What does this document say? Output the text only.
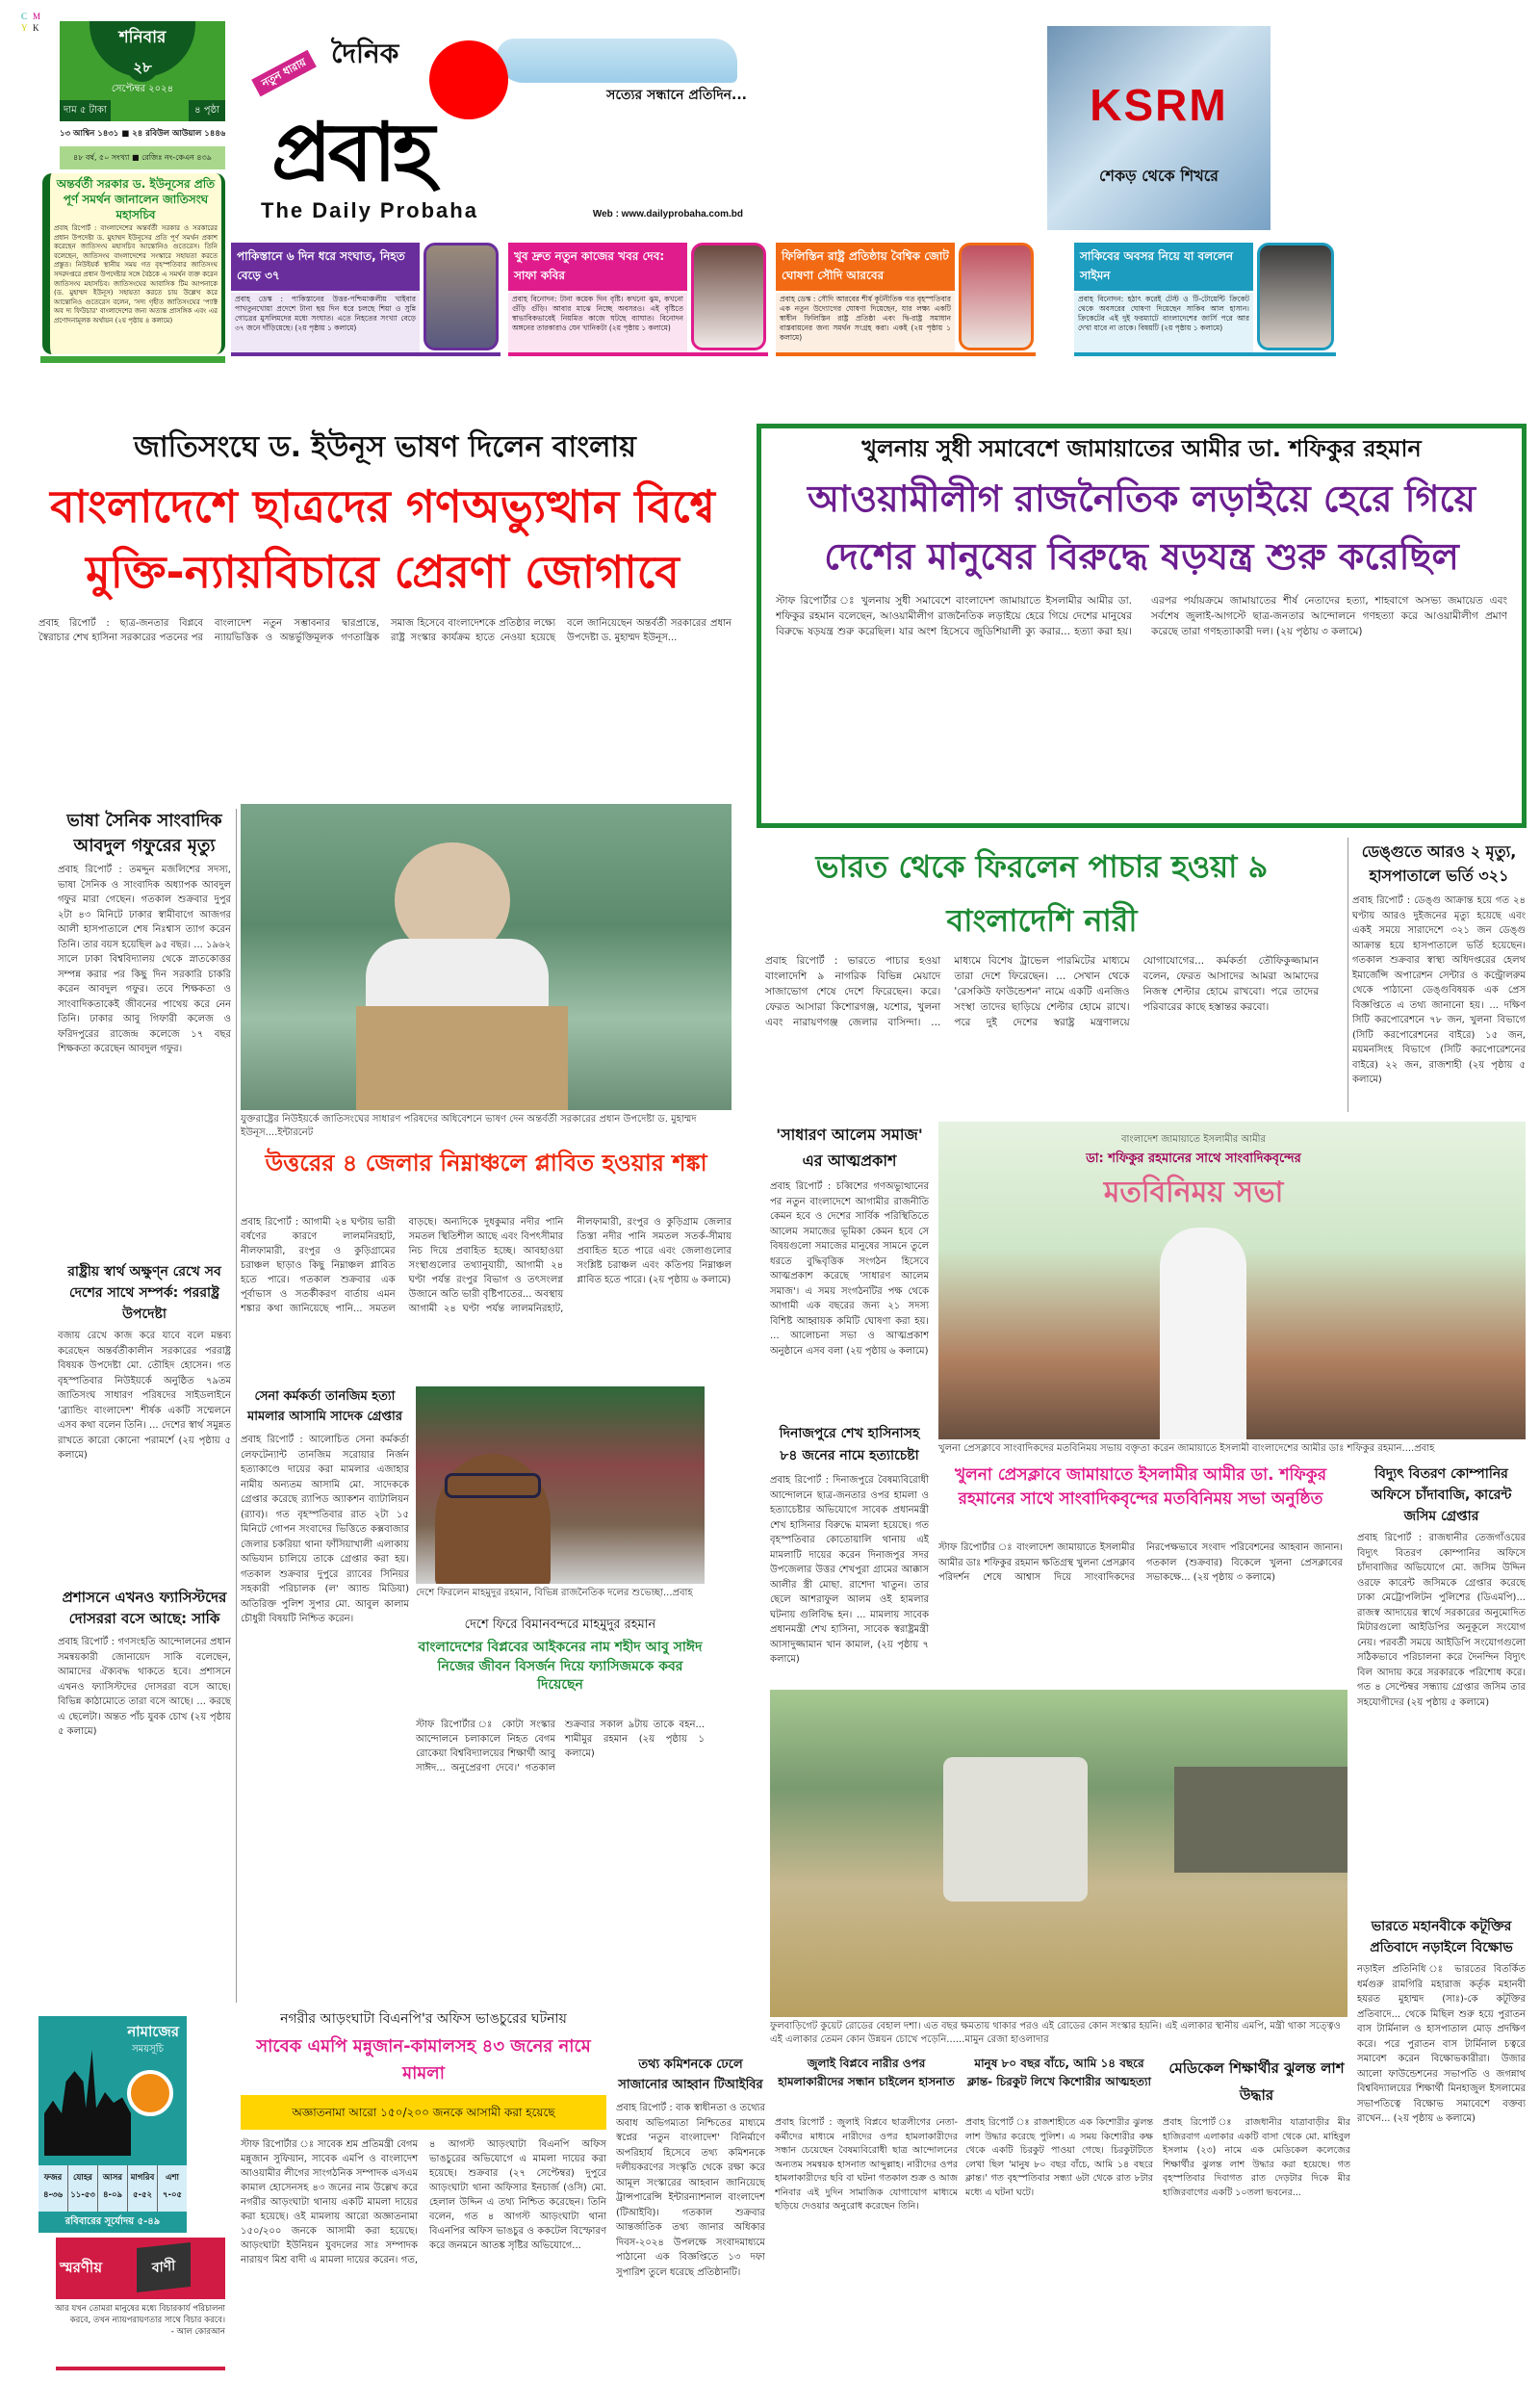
C M
Y K	শনিবার
২৮
সেপ্টেম্বর ২০২৪
দাম ৫ টাকা	৪ পৃষ্ঠা
১৩ আশ্বিন ১৪৩১ ■ ২৪ রবিউল আউয়াল ১৪৪৬
৪৮ বর্ষ, ৫০ সংখ্যা ■ রেজিঃ নং-কেএন ৪৩৯
অন্তর্বর্তী সরকার ড. ইউনূসের প্রতি পূর্ণ সমর্থন জানালেন জাতিসংঘ মহাসচিব
প্রবাহ রিপোর্ট : বাংলাদেশের অন্তর্বর্তী সরকার ও সরকারের প্রধান উপদেষ্টা ড. মুহাম্মদ ইউনূসের প্রতি পূর্ণ সমর্থন প্রকাশ করেছেন জাতিসংঘ মহাসচিব আন্তোনিও গুতেরেস। তিনি বলেছেন, জাতিসংঘ বাংলাদেশের সংস্কারে সহায়তা করতে প্রস্তুত। নিউইয়র্ক স্থানীয় সময় গত বৃহস্পতিবার জাতিসংঘ সদরদপ্তরে প্রধান উপদেষ্টার সঙ্গে বৈঠকে এ সমর্থন ব্যক্ত করেন জাতিসংঘ মহাসচিব। জাতিসংঘের আবাসিক টিম আপনাকে (ড. মুহাম্মদ ইউনূস) সহায়তা করতে চায় উল্লেখ করে আন্তোনিও গুতেরেস বলেন, 'সদ্য গৃহীত জাতিসংঘের 'প্যাক্ট অব দ্য ফিউচার' বাংলাদেশের জন্য অত্যন্ত প্রাসঙ্গিক এবং এর প্রণোদনামূলক অর্থায়ন (২য় পৃষ্ঠায় ৪ কলামে)
নতুন ধারায়
দৈনিক
সত্যের সন্ধানে প্রতিদিন...
প্রবাহ
The Daily Probaha	Web : www.dailyprobaha.com.bd
KSRM
শেকড় থেকে শিখরে
পাকিস্তানে ৬ দিন ধরে সংঘাত, নিহত বেড়ে ৩৭
প্রবাহ ডেস্ক : পাকিস্তানের উত্তর-পশ্চিমাঞ্চলীয় খাইবার পাখতুনখোয়া প্রদেশে টানা ছয় দিন ধরে চলছে শিয়া ও সুন্নি গোত্রের মুসলিমদের মধ্যে সংঘাত। এতে নিহতের সংখ্যা বেড়ে ৩৭ জনে দাঁড়িয়েছে। (২য় পৃষ্ঠায় ১ কলামে)
খুব দ্রুত নতুন কাজের খবর দেব: সাফা কবির
প্রবাহ বিনোদন: টানা কয়েক দিন বৃষ্টি। কখনো ঝুম, কখনো গুঁড়ি গুঁড়ি। আবার মাঝে নিচ্ছে অবসরও। এই বৃষ্টিতে স্বাভাবিকভাবেই নিয়মিত কাজে ঘটছে ব্যাঘাত। বিনোদন অঙ্গনের তারকারাও যেন খানিকটা (২য় পৃষ্ঠায় ১ কলামে)
ফিলিস্তিন রাষ্ট্র প্রতিষ্ঠায় বৈশ্বিক জোট ঘোষণা সৌদি আরবের
প্রবাহ ডেস্ক : সৌদি আরবের শীর্ষ কূটনীতিক গত বৃহস্পতিবার এক নতুন উদ্যোগের ঘোষণা দিয়েছেন, যার লক্ষ্য একটি স্বাধীন ফিলিস্তিন রাষ্ট্র প্রতিষ্ঠা এবং দ্বি-রাষ্ট্র সমাধান বাস্তবায়নের জন্য সমর্থন সংগ্রহ করা। একই (২য় পৃষ্ঠায় ১ কলামে)
সাকিবের অবসর নিয়ে যা বললেন সাইমন
প্রবাহ বিনোদন: হঠাৎ করেই টেস্ট ও টি-টোয়েন্টি ক্রিকেট থেকে অবসরের ঘোষণা দিয়েছেন সাকিব আল হাসান। ক্রিকেটের এই দুই ফরম্যাটে বাংলাদেশের জার্সি পরে আর দেখা যাবে না তাকে। বিষয়টি (২য় পৃষ্ঠায় ১ কলামে)
জাতিসংঘে ড. ইউনূস ভাষণ দিলেন বাংলায়
বাংলাদেশে ছাত্রদের গণঅভ্যুত্থান বিশ্বে মুক্তি-ন্যায়বিচারে প্রেরণা জোগাবে
প্রবাহ রিপোর্ট : ছাত্র-জনতার বিপ্লবে স্বৈরাচার শেখ হাসিনা সরকারের পতনের পর বাংলাদেশ নতুন সম্ভাবনার দ্বারপ্রান্তে, ন্যায়ভিত্তিক ও অন্তর্ভুক্তিমূলক গণতান্ত্রিক সমাজ হিসেবে বাংলাদেশকে প্রতিষ্ঠার লক্ষ্যে রাষ্ট্র সংস্কার কার্যক্রম হাতে নেওয়া হয়েছে বলে জানিয়েছেন অন্তর্বর্তী সরকারের প্রধান উপদেষ্টা ড. মুহাম্মদ ইউনূস...
যুক্তরাষ্ট্রের নিউইয়র্কে জাতিসংঘের সাধারণ পরিষদের অধিবেশনে ভাষণ দেন অন্তর্বর্তী সরকারের প্রধান উপদেষ্টা ড. মুহাম্মদ ইউনূস....ইন্টারনেট
ভাষা সৈনিক সাংবাদিক আবদুল গফুরের মৃত্যু
প্রবাহ রিপোর্ট : তমদ্দুন মজলিশের সদস্য, ভাষা সৈনিক ও সাংবাদিক অধ্যাপক আবদুল গফুর মারা গেছেন। গতকাল শুক্রবার দুপুর ২টা ৪৩ মিনিটে ঢাকার স্বামীবাগে আজগর আলী হাসপাতালে শেষ নিঃশ্বাস ত্যাগ করেন তিনি। তার বয়স হয়েছিল ৯৫ বছর। ... ১৯৬২ সালে ঢাকা বিশ্ববিদ্যালয় থেকে স্নাতকোত্তর সম্পন্ন করার পর কিছু দিন সরকারি চাকরি করেন আবদুল গফুর। তবে শিক্ষকতা ও সাংবাদিকতাকেই জীবনের পাথেয় করে নেন তিনি। ঢাকার আবু গিফারী কলেজ ও ফরিদপুরের রাজেন্দ্র কলেজে ১৭ বছর শিক্ষকতা করেছেন আবদুল গফুর।
রাষ্ট্রীয় স্বার্থ অক্ষুণ্ন রেখে সব দেশের সাথে সম্পর্ক: পররাষ্ট্র উপদেষ্টা
বজায় রেখে কাজ করে যাবে বলে মন্তব্য করেছেন অন্তর্বর্তীকালীন সরকারের পররাষ্ট্র বিষয়ক উপদেষ্টা মো. তৌহিদ হোসেন। গত বৃহস্পতিবার নিউইয়র্কে অনুষ্ঠিত ৭৯তম জাতিসংঘ সাধারণ পরিষদের সাইডলাইনে 'ব্র্যান্ডিং বাংলাদেশ' শীর্ষক একটি সম্মেলনে এসব কথা বলেন তিনি। ... দেশের স্বার্থ সমুন্নত রাখতে কারো কোনো পরামর্শে (২য় পৃষ্ঠায় ৫ কলামে)
প্রশাসনে এখনও ফ্যাসিস্টদের দোসররা বসে আছে: সাকি
প্রবাহ রিপোর্ট : গণসংহতি আন্দোলনের প্রধান সমন্বয়কারী জোনায়েদ সাকি বলেছেন, আমাদের ঐক্যবদ্ধ থাকতে হবে। প্রশাসনে এখনও ফ্যাসিস্টদের দোসররা বসে আছে। বিভিন্ন কাঠামোতে তারা বসে আছে। ... করছে এ ছেলেটা। অন্তত পাঁচ যুবক চোখ (২য় পৃষ্ঠায় ৫ কলামে)
উত্তরের ৪ জেলার নিম্নাঞ্চলে প্লাবিত হওয়ার শঙ্কা
প্রবাহ রিপোর্ট : আগামী ২৪ ঘণ্টায় ভারী বর্ষণের কারণে লালমনিরহাট, নীলফামারী, রংপুর ও কুড়িগ্রামের চরাঞ্চল ছাড়াও কিছু নিম্নাঞ্চল প্লাবিত হতে পারে। গতকাল শুক্রবার এক পূর্বাভাস ও সতর্কীকরণ বার্তায় এমন শঙ্কার কথা জানিয়েছে পানি... সমতল বাড়ছে। অন্যদিকে দুধকুমার নদীর পানি সমতল স্থিতিশীল আছে এবং বিপৎসীমার নিচ দিয়ে প্রবাহিত হচ্ছে। আবহাওয়া সংস্থাগুলোর তথ্যানুযায়ী, আগামী ২৪ ঘণ্টা পর্যন্ত রংপুর বিভাগ ও তৎসংলগ্ন উজানে অতি ভারী বৃষ্টিপাতের... অবস্থায় আগামী ২৪ ঘণ্টা পর্যন্ত লালমনিরহাট, নীলফামারী, রংপুর ও কুড়িগ্রাম জেলার তিস্তা নদীর পানি সমতল সতর্ক-সীমায় প্রবাহিত হতে পারে এবং জেলাগুলোর সংশ্লিষ্ট চরাঞ্চল এবং কতিপয় নিম্নাঞ্চল প্লাবিত হতে পারে। (২য় পৃষ্ঠায় ৬ কলামে)
সেনা কর্মকর্তা তানজিম হত্যা মামলার আসামি সাদেক গ্রেপ্তার
প্রবাহ রিপোর্ট : আলোচিত সেনা কর্মকর্তা লেফটেন্যান্ট তানজিম সরোয়ার নির্জন হত্যাকাণ্ডে দায়ের করা মামলার এজাহার নামীয় অন্যতম আসামি মো. সাদেককে গ্রেপ্তার করেছে র‍্যাপিড অ্যাকশন ব্যাটালিয়ন (র‍্যাব)। গত বৃহস্পতিবার রাত ২টা ১৫ মিনিটে গোপন সংবাদের ভিত্তিতে কক্সবাজার জেলার চকরিয়া থানা ফাঁসিয়াখালী এলাকায় অভিযান চালিয়ে তাকে গ্রেপ্তার করা হয়। গতকাল শুক্রবার দুপুরে র‍্যাবের সিনিয়র সহকারী পরিচালক (ল' অ্যান্ড মিডিয়া) অতিরিক্ত পুলিশ সুপার মো. আবুল কালাম চৌধুরী বিষয়টি নিশ্চিত করেন।
দেশে ফিরলেন মাহমুদুর রহমান, বিভিন্ন রাজনৈতিক দলের শুভেচ্ছা...প্রবাহ
দেশে ফিরে বিমানবন্দরে মাহমুদুর রহমান
বাংলাদেশের বিপ্লবের আইকনের নাম শহীদ আবু সাঈদ নিজের জীবন বিসর্জন দিয়ে ফ্যাসিজমকে কবর দিয়েছেন
স্টাফ রিপোর্টার ঃ কোটা সংস্কার আন্দোলনে চলাকালে নিহত বেগম রোকেয়া বিশ্ববিদ্যালয়ের শিক্ষার্থী আবু সাঈদ... অনুপ্রেরণা দেবে।' গতকাল শুক্রবার সকাল ৯টায় তাকে বহন... শামীমুর রহমান (২য় পৃষ্ঠায় ১ কলামে)
খুলনায় সুধী সমাবেশে জামায়াতের আমীর ডা. শফিকুর রহমান
আওয়ামীলীগ রাজনৈতিক লড়াইয়ে হেরে গিয়ে দেশের মানুষের বিরুদ্ধে ষড়যন্ত্র শুরু করেছিল
স্টাফ রিপোর্টার ঃ খুলনায় সুধী সমাবেশে বাংলাদেশ জামায়াতে ইসলামীর আমীর ডা. শফিকুর রহমান বলেছেন, আওয়ামীলীগ রাজনৈতিক লড়াইয়ে হেরে গিয়ে দেশের মানুষের বিরুদ্ধে ষড়যন্ত্র শুরু করেছিল। যার অংশ হিসেবে জুডিশিয়ালী ক্যু করার... হত্যা করা হয়। এরপর পর্যায়ক্রমে জামায়াতের শীর্ষ নেতাদের হত্যা, শাহবাগে অসভ্য জমায়েত এবং সর্বশেষ জুলাই-আগস্টে ছাত্র-জনতার আন্দোলনে গণহত্যা করে আওয়ামীলীগ প্রমাণ করেছে তারা গণহত্যাকারী দল। (২য় পৃষ্ঠায় ৩ কলামে)
ভারত থেকে ফিরলেন পাচার হওয়া ৯ বাংলাদেশি নারী
প্রবাহ রিপোর্ট : ভারতে পাচার হওয়া বাংলাদেশি ৯ নাগরিক বিভিন্ন মেয়াদে সাজাভোগ শেষে দেশে ফিরেছেন। করে। ফেরত আসারা কিশোরগঞ্জ, যশোর, খুলনা এবং নারায়ণগঞ্জ জেলার বাসিন্দা। ... মাধ্যমে বিশেষ ট্রাভেল পারমিটের মাধ্যমে তারা দেশে ফিরেছেন। ... সেখান থেকে 'রেসকিউ ফাউন্ডেশন' নামে একটি এনজিও সংস্থা তাদের ছাড়িয়ে শেল্টার হোমে রাখে। পরে দুই দেশের স্বরাষ্ট্র মন্ত্রণালয়ে যোগাযোগের... কর্মকর্তা তৌফিকুজ্জামান বলেন, ফেরত আসাদের আমরা আমাদের নিজস্ব শেল্টার হোমে রাখবো। পরে তাদের পরিবারের কাছে হস্তান্তর করবো।
ডেঙ্গুতে আরও ২ মৃত্যু, হাসপাতালে ভর্তি ৩২১
প্রবাহ রিপোর্ট : ডেঙ্গু আক্রান্ত হয়ে গত ২৪ ঘণ্টায় আরও দুইজনের মৃত্যু হয়েছে এবং একই সময়ে সারাদেশে ৩২১ জন ডেঙ্গু আক্রান্ত হয়ে হাসপাতালে ভর্তি হয়েছেন। গতকাল শুক্রবার স্বাস্থ্য অধিদপ্তরের হেলথ ইমার্জেন্সি অপারেশন সেন্টার ও কন্ট্রোলরুম থেকে পাঠানো ডেঙ্গুবিষয়ক এক প্রেস বিজ্ঞপ্তিতে এ তথ্য জানানো হয়। ... দক্ষিণ সিটি করপোরেশনে ৭৮ জন, খুলনা বিভাগে (সিটি করপোরেশনের বাইরে) ১৫ জন, ময়মনসিংহ বিভাগে (সিটি করপোরেশনের বাইরে) ২২ জন, রাজশাহী (২য় পৃষ্ঠায় ৫ কলামে)
'সাধারণ আলেম সমাজ' এর আত্মপ্রকাশ
প্রবাহ রিপোর্ট : চব্বিশের গণঅভ্যুত্থানের পর নতুন বাংলাদেশে আগামীর রাজনীতি কেমন হবে ও দেশের সার্বিক পরিস্থিতিতে আলেম সমাজের ভূমিকা কেমন হবে সে বিষয়গুলো সমাজের মানুষের সামনে তুলে ধরতে বুদ্ধিবৃত্তিক সংগঠন হিসেবে আত্মপ্রকাশ করেছে 'সাধারণ আলেম সমাজ'। এ সময় সংগঠনটির পক্ষ থেকে আগামী এক বছরের জন্য ২১ সদস্য বিশিষ্ট আহ্বায়ক কমিটি ঘোষণা করা হয়। ... আলোচনা সভা ও আত্মপ্রকাশ অনুষ্ঠানে এসব বলা (২য় পৃষ্ঠায় ৬ কলামে)
বাংলাদেশ জামায়াতে ইসলামীর আমীর
ডা: শফিকুর রহমানের সাথে সাংবাদিকবৃন্দের
মতবিনিময় সভা
খুলনা প্রেসক্লাবে সাংবাদিকদের মতবিনিময় সভায় বক্তৃতা করেন জামায়াতে ইসলামী বাংলাদেশের আমীর ডাঃ শফিকুর রহমান....প্রবাহ
দিনাজপুরে শেখ হাসিনাসহ ৮৪ জনের নামে হত্যাচেষ্টা
প্রবাহ রিপোর্ট : দিনাজপুরে বৈষম্যবিরোধী আন্দোলনে ছাত্র-জনতার ওপর হামলা ও হত্যাচেষ্টার অভিযোগে সাবেক প্রধানমন্ত্রী শেখ হাসিনার বিরুদ্ধে মামলা হয়েছে। গত বৃহস্পতিবার কোতোয়ালি থানায় এই মামলাটি দায়ের করেন দিনাজপুর সদর উপজেলার উত্তর শেখপুরা গ্রামের আক্কাস আলীর স্ত্রী মোছা. রাশেদা খাতুন। তার ছেলে আশরাফুল আলম ওই হামলার ঘটনায় গুলিবিদ্ধ হন। ... মামলায় সাবেক প্রধানমন্ত্রী শেখ হাসিনা, সাবেক স্বরাষ্ট্রমন্ত্রী আসাদুজ্জামান খান কামাল, (২য় পৃষ্ঠায় ৭ কলামে)
খুলনা প্রেসক্লাবে জামায়াতে ইসলামীর আমীর ডা. শফিকুর রহমানের সাথে সাংবাদিকবৃন্দের মতবিনিময় সভা অনুষ্ঠিত
স্টাফ রিপোর্টার ঃ বাংলাদেশ জামায়াতে ইসলামীর আমীর ডাঃ শফিকুর রহমান ক্ষতিগ্রস্থ খুলনা প্রেসক্লাব পরিদর্শন শেষে আশ্বাস দিয়ে সাংবাদিকদের নিরপেক্ষভাবে সংবাদ পরিবেশনের আহবান জানান। গতকাল (শুক্রবার) বিকেলে খুলনা প্রেসক্লাবের সভাকক্ষে... (২য় পৃষ্ঠায় ৩ কলামে)
বিদ্যুৎ বিতরণ কোম্পানির অফিসে চাঁদাবাজি, কারেন্ট জসিম গ্রেপ্তার
প্রবাহ রিপোর্ট : রাজধানীর তেজগাঁওয়ের বিদ্যুৎ বিতরণ কোম্পানির অফিসে চাঁদাবাজির অভিযোগে মো. জসিম উদ্দিন ওরফে কারেন্ট জসিমকে গ্রেপ্তার করেছে ঢাকা মেট্রোপলিটন পুলিশের (ডিএমপি)... রাজস্ব আদায়ের স্বার্থে সরকারের অনুমোদিত মিটারগুলো আইডিপির অনুকূলে সংযোগ নেয়। পরবর্তী সময়ে আইডিপি সংযোগগুলো সঠিকভাবে পরিচালনা করে দৈনন্দিন বিদ্যুৎ বিল আদায় করে সরকারকে পরিশোধ করে। গত ৪ সেপ্টেম্বর সন্ধ্যায় গ্রেপ্তার জসিম তার সহযোগীদের (২য় পৃষ্ঠায় ৫ কলামে)
ফুলবাড়িগেট কুয়েট রোডের বেহাল দশা। এত বছর ক্ষমতায় থাকার পরও এই রোডের কোন সংস্কার হয়নি। এই এলাকার স্থানীয় এমপি, মন্ত্রী থাকা সত্ত্বেও এই এলাকার তেমন কোন উন্নয়ন চোখে পড়েনি......মামুন রেজা হাওলাদার
ভারতে মহানবীকে কটূক্তির প্রতিবাদে নড়াইলে বিক্ষোভ
নড়াইল প্রতিনিধি ঃ ভারতের বিতর্কিত ধর্মগুরু রামগিরি মহারাজ কর্তৃক মহানবী হযরত মুহাম্মদ (সাঃ)-কে কটূক্তির প্রতিবাদে... থেকে মিছিল শুরু হয়ে পুরাতন বাস টার্মিনাল ও হাসপাতাল মোড় প্রদক্ষিণ করে। পরে পুরাতন বাস টার্মিনাল চত্বরে সমাবেশ করেন বিক্ষোভকারীরা। উজার আলো ফাউন্ডেশনের সভাপতি ও জগন্নাথ বিশ্ববিদ্যালয়ের শিক্ষার্থী মিনহাজুল ইসলামের সভাপতিত্বে বিক্ষোভ সমাবেশে বক্তব্য রাখেন... (২য় পৃষ্ঠায় ৬ কলামে)
নামাজের
সময়সূচি
ফজর
৪-৩৬
যোহর
১১-৫৩
আসর
৪-০৯
মাগরিব
৫-৫২
এশা
৭-০৫
রবিবারের সূর্যোদয় ৫-৪৯
স্মরণীয়	বাণী
আর যখন তোমরা মানুষের মধ্যে বিচারকার্য পরিচালনা করবে, তখন ন্যায়পরায়ণতার সাথে বিচার করবে।
- আল কোরআন
নগরীর আড়ংঘাটা বিএনপি'র অফিস ভাঙচুরের ঘটনায়
সাবেক এমপি মন্নুজান-কামালসহ ৪৩ জনের নামে মামলা
অজ্ঞাতনামা আরো ১৫০/২০০ জনকে আসামী করা হয়েছে
স্টাফ রিপোর্টার ঃ সাবেক শ্রম প্রতিমন্ত্রী বেগম মন্নুজান সুফিয়ান, সাবেক এমপি ও বাংলাদেশ আওয়ামীর লীগের সাংগঠনিক সম্পাদক এসএম কামাল হোসেনসহ ৪৩ জনের নাম উল্লেখ করে নগরীর আড়ংঘাটা থানায় একটি মামলা দায়ের করা হয়েছে। ওই মামলায় আরো অজ্ঞাতনামা ১৫০/২০০ জনকে আসামী করা হয়েছে। আড়ংঘাটা ইউনিয়ন যুবদলের সাঃ সম্পাদক নারায়ণ মিশ্র বাদী এ মামলা দায়ের করেন। গত, ৪ আগস্ট আড়ংঘাটা বিএনপি অফিস ভাঙচুরের অভিযোগে এ মামলা দায়ের করা হয়েছে। শুক্রবার (২৭ সেপ্টেম্বর) দুপুরে আড়ংঘাটা থানা অফিসার ইনচার্জ (ওসি) মো. হেলাল উদ্দিন এ তথ্য নিশ্চিত করেছেন। তিনি বলেন, গত ৪ আগস্ট আড়ংঘাটা থানা বিএনপির অফিস ভাঙচুর ও ককটেল বিস্ফোরণ করে জনমনে আতঙ্ক সৃষ্টির অভিযোগে...
তথ্য কমিশনকে ঢেলে সাজানোর আহ্বান টিআইবির
প্রবাহ রিপোর্ট : বাক স্বাধীনতা ও তথ্যের অবাধ অভিগম্যতা নিশ্চিতের মাধ্যমে স্বপ্নের 'নতুন বাংলাদেশ' বিনির্মাণে অপরিহার্য হিসেবে তথ্য কমিশনকে দলীয়করণের সংস্কৃতি থেকে রক্ষা করে আমূল সংস্কারের আহবান জানিয়েছে ট্রান্সপারেন্সি ইন্টারন্যাশনাল বাংলাদেশ (টিআইবি)। গতকাল শুক্রবার আন্তর্জাতিক তথ্য জানার অধিকার দিবস-২০২৪ উপলক্ষে সংবাদমাধ্যমে পাঠানো এক বিজ্ঞপ্তিতে ১৩ দফা সুপারিশ তুলে ধরেছে প্রতিষ্ঠানটি।
জুলাই বিপ্লবে নারীর ওপর হামলাকারীদের সন্ধান চাইলেন হাসনাত
প্রবাহ রিপোর্ট : জুলাই বিপ্লবে ছাত্রলীগের নেতা-কর্মীদের মাধ্যমে নারীদের ওপর হামলাকারীদের সন্ধান চেয়েছেন বৈষম্যবিরোধী ছাত্র আন্দোলনের অন্যতম সমন্বয়ক হাসনাত আব্দুল্লাহ। নারীদের ওপর হামলাকারীদের ছবি বা ঘটনা গতকাল শুক্র ও আজ শনিবার এই দুদিন সামাজিক যোগাযোগ মাধ্যমে ছড়িয়ে দেওয়ার অনুরোধ করেছেন তিনি।
মানুষ ৮০ বছর বাঁচে, আমি ১৪ বছরে ক্লান্ত- চিরকুট লিখে কিশোরীর আত্মহত্যা
প্রবাহ রিপোর্ট ঃ রাজশাহীতে এক কিশোরীর ঝুলন্ত লাশ উদ্ধার করেছে পুলিশ। এ সময় কিশোরীর কক্ষ থেকে একটি চিরকুট পাওয়া গেছে। চিরকুটটিতে লেখা ছিল 'মানুষ ৮০ বছর বাঁচে, আমি ১৪ বছরে ক্লান্ত।' গত বৃহস্পতিবার সন্ধ্যা ৬টা থেকে রাত ৮টার মধ্যে এ ঘটনা ঘটে।
মেডিকেল শিক্ষার্থীর ঝুলন্ত লাশ উদ্ধার
প্রবাহ রিপোর্ট ঃ রাজধানীর যাত্রাবাড়ীর মীর হাজিরবাগ এলাকার একটি বাসা থেকে মো. মাহিবুল ইসলাম (২৩) নামে এক মেডিকেল কলেজের শিক্ষার্থীর ঝুলন্ত লাশ উদ্ধার করা হয়েছে। গত বৃহস্পতিবার দিবাগত রাত দেড়টার দিকে মীর হাজিরবাগের একটি ১০তলা ভবনের...
